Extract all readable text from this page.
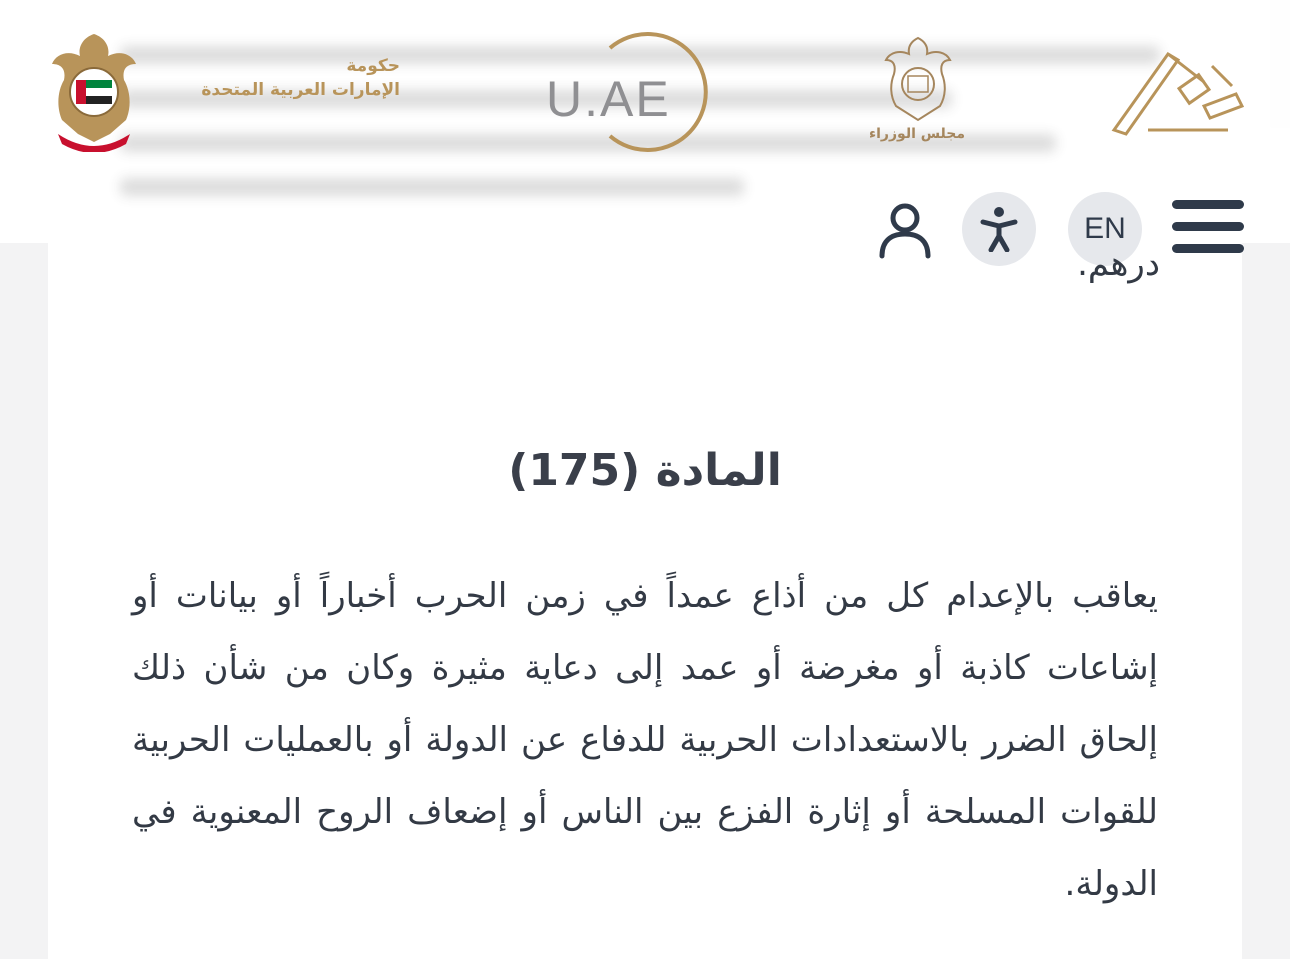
حكومة
الإمارات العربية المتحدة	U.AE
مجلس الوزراء
EN
درهم.
المادة (175)

يعاقب بالإعدام كل من أذاع عمداً في زمن الحرب أخباراً أو بيانات أو إشاعات كاذبة أو مغرضة أو عمد إلى دعاية مثيرة وكان من شأن ذلك إلحاق الضرر بالاستعدادات الحربية للدفاع عن الدولة أو بالعمليات الحربية للقوات المسلحة أو إثارة الفزع بين الناس أو إضعاف الروح المعنوية في الدولة.
